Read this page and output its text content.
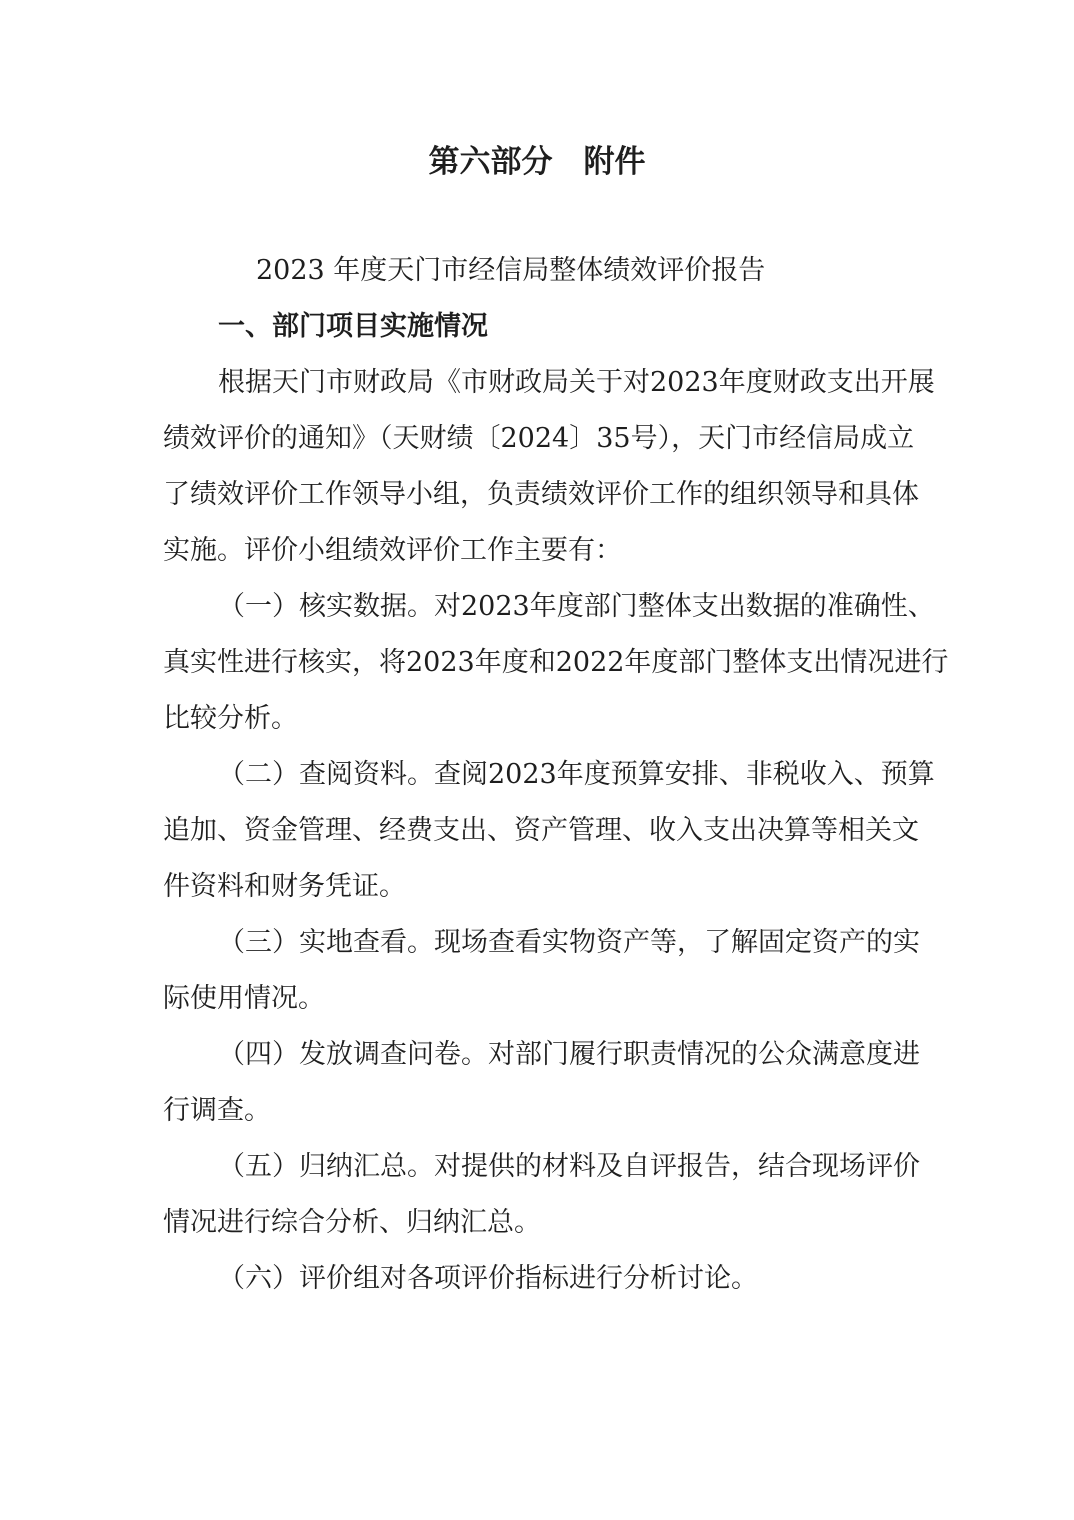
第六部分　附件
2023 年度天门市经信局整体绩效评价报告
一、部门项目实施情况
根据天门市财政局《市财政局关于对2023年度财政支出开展
绩效评价的通知》（天财绩〔2024〕35号），天门市经信局成立
了绩效评价工作领导小组，负责绩效评价工作的组织领导和具体
实施。评价小组绩效评价工作主要有：
（一）核实数据。对2023年度部门整体支出数据的准确性、
真实性进行核实，将2023年度和2022年度部门整体支出情况进行
比较分析。
（二）查阅资料。查阅2023年度预算安排、非税收入、预算
追加、资金管理、经费支出、资产管理、收入支出决算等相关文
件资料和财务凭证。
（三）实地查看。现场查看实物资产等，了解固定资产的实
际使用情况。
（四）发放调查问卷。对部门履行职责情况的公众满意度进
行调查。
（五）归纳汇总。对提供的材料及自评报告，结合现场评价
情况进行综合分析、归纳汇总。
（六）评价组对各项评价指标进行分析讨论。
